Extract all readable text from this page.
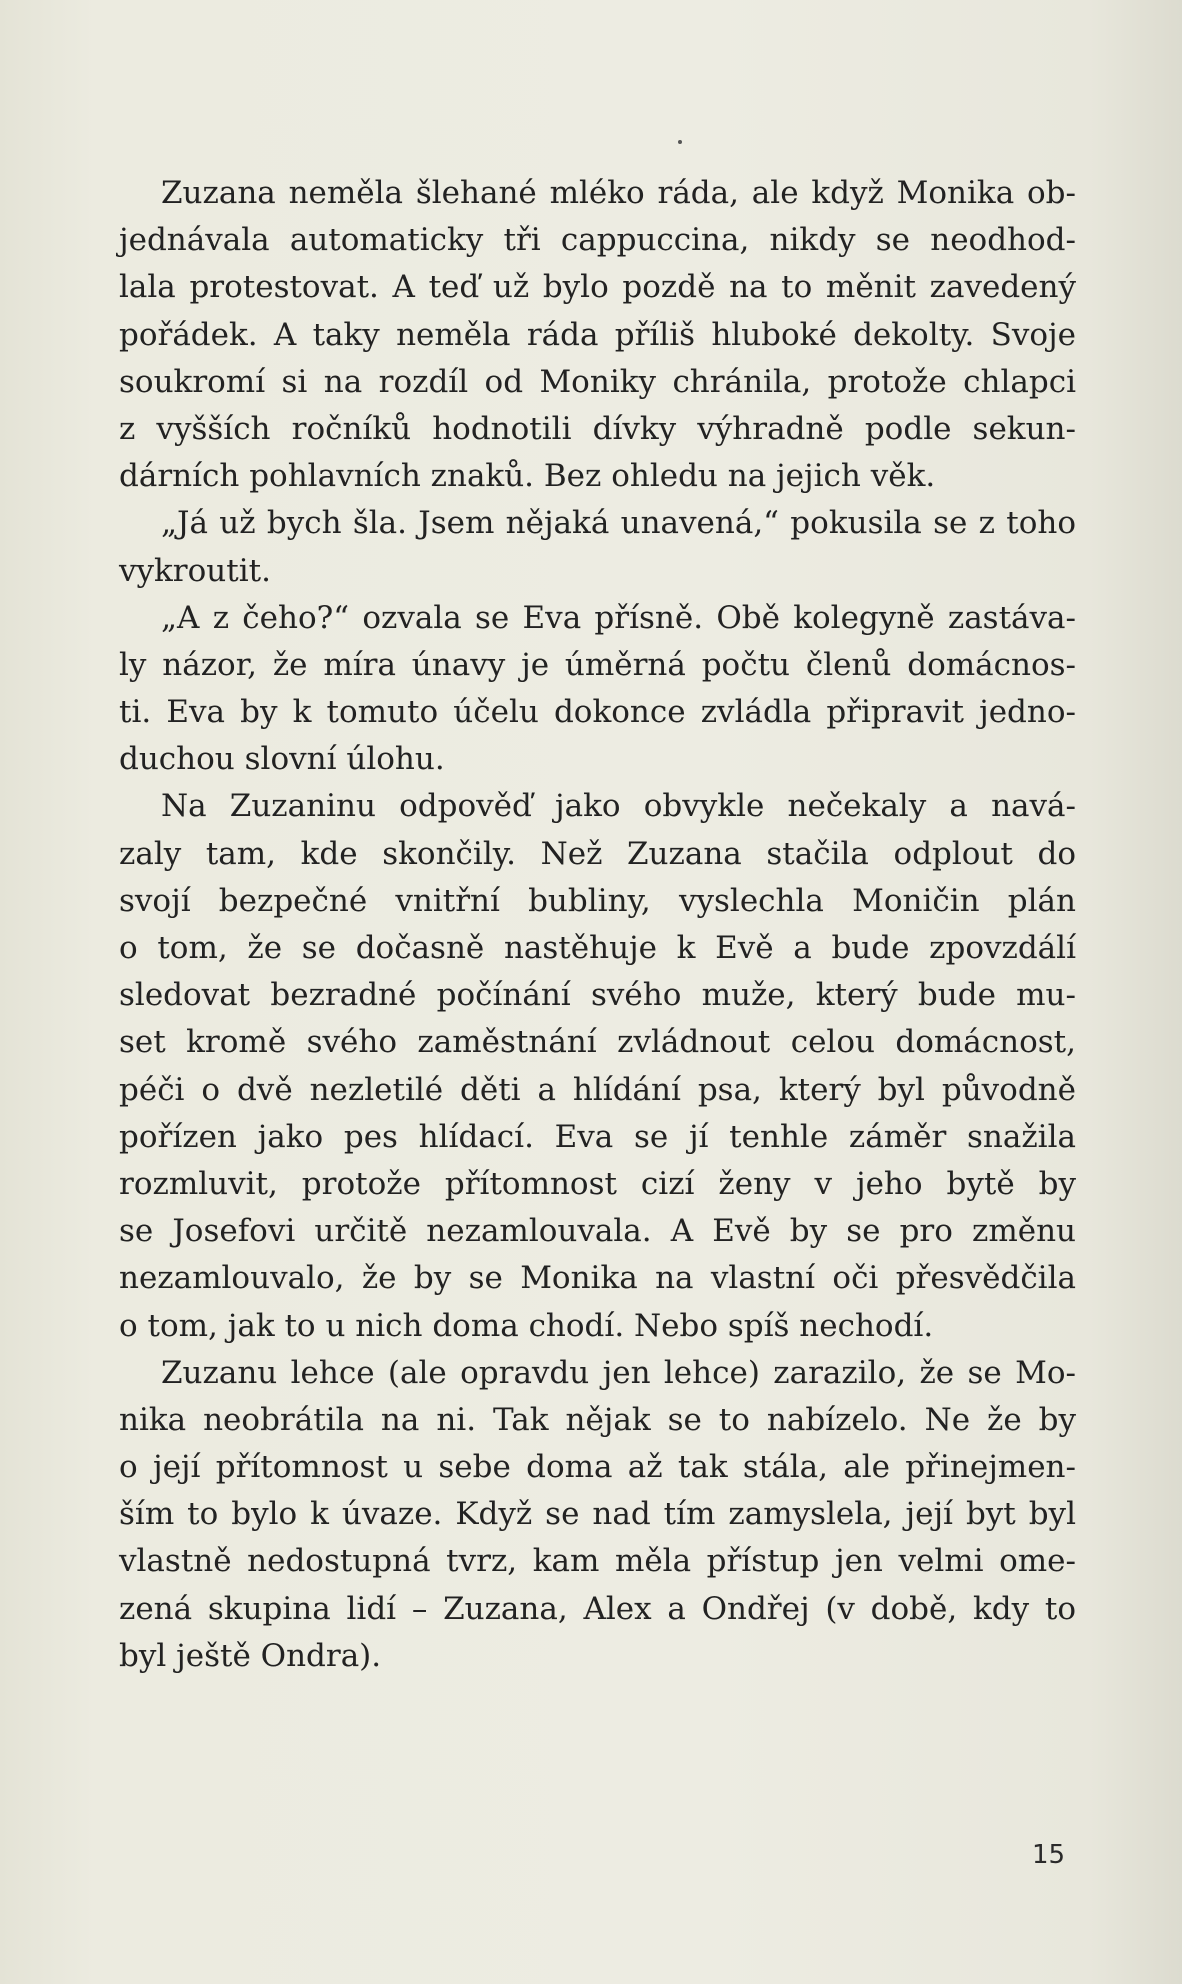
Zuzana neměla šlehané mléko ráda, ale když Monika ob-
jednávala automaticky tři cappuccina, nikdy se neodhod-
lala protestovat. A teď už bylo pozdě na to měnit zavedený
pořádek. A taky neměla ráda příliš hluboké dekolty. Svoje
soukromí si na rozdíl od Moniky chránila, protože chlapci
z vyšších ročníků hodnotili dívky výhradně podle sekun-
dárních pohlavních znaků. Bez ohledu na jejich věk.
„Já už bych šla. Jsem nějaká unavená,“ pokusila se z toho
vykroutit.
„A z čeho?“ ozvala se Eva přísně. Obě kolegyně zastáva-
ly názor, že míra únavy je úměrná počtu členů domácnos-
ti. Eva by k tomuto účelu dokonce zvládla připravit jedno-
duchou slovní úlohu.
Na Zuzaninu odpověď jako obvykle nečekaly a navá-
zaly tam, kde skončily. Než Zuzana stačila odplout do
svojí bezpečné vnitřní bubliny, vyslechla Moničin plán
o tom, že se dočasně nastěhuje k Evě a bude zpovzdálí
sledovat bezradné počínání svého muže, který bude mu-
set kromě svého zaměstnání zvládnout celou domácnost,
péči o dvě nezletilé děti a hlídání psa, který byl původně
pořízen jako pes hlídací. Eva se jí tenhle záměr snažila
rozmluvit, protože přítomnost cizí ženy v jeho bytě by
se Josefovi určitě nezamlouvala. A Evě by se pro změnu
nezamlouvalo, že by se Monika na vlastní oči přesvědčila
o tom, jak to u nich doma chodí. Nebo spíš nechodí.
Zuzanu lehce (ale opravdu jen lehce) zarazilo, že se Mo-
nika neobrátila na ni. Tak nějak se to nabízelo. Ne že by
o její přítomnost u sebe doma až tak stála, ale přinejmen-
ším to bylo k úvaze. Když se nad tím zamyslela, její byt byl
vlastně nedostupná tvrz, kam měla přístup jen velmi ome-
zená skupina lidí – Zuzana, Alex a Ondřej (v době, kdy to
byl ještě Ondra).
15
